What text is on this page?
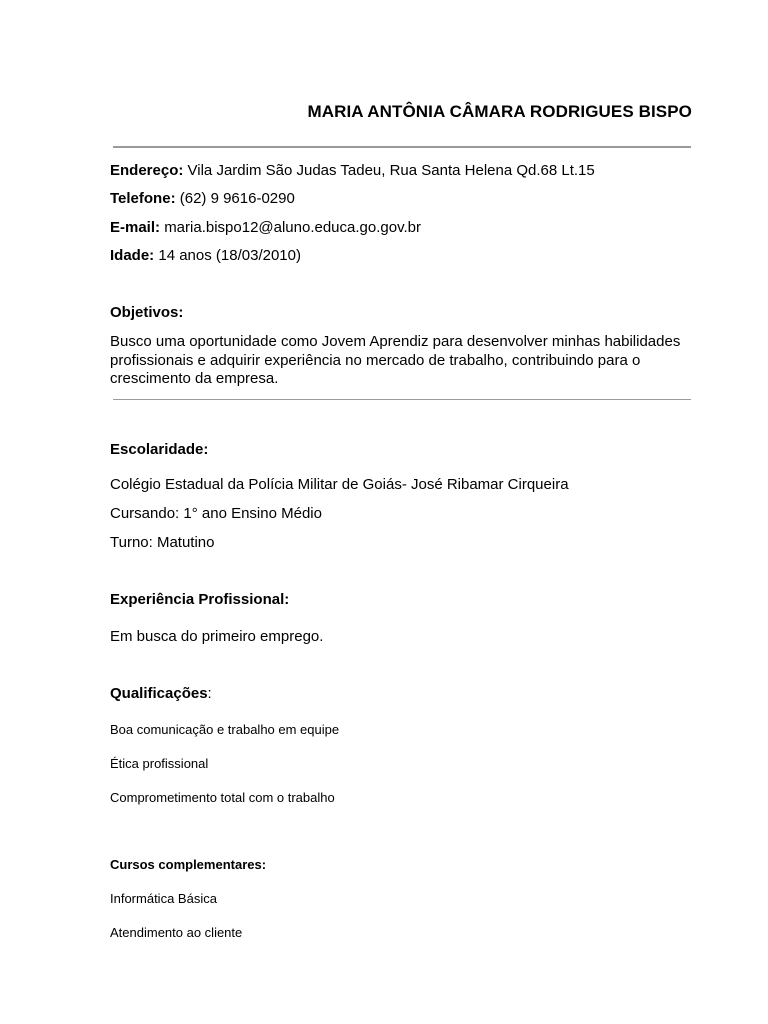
MARIA ANTÔNIA CÂMARA RODRIGUES BISPO

Endereço: Vila Jardim São Judas Tadeu, Rua Santa Helena Qd.68 Lt.15

Telefone: (62) 9 9616-0290

E-mail: maria.bispo12@aluno.educa.go.gov.br

Idade: 14 anos (18/03/2010)

Objetivos:

Busco uma oportunidade como Jovem Aprendiz para desenvolver minhas habilidades profissionais e adquirir experiência no mercado de trabalho, contribuindo para o crescimento da empresa.

Escolaridade:

Colégio Estadual da Polícia Militar de Goiás- José Ribamar Cirqueira

Cursando: 1° ano Ensino Médio

Turno: Matutino

Experiência Profissional:

Em busca do primeiro emprego.

Qualificações:

Boa comunicação e trabalho em equipe

Ética profissional

Comprometimento total com o trabalho

Cursos complementares:

Informática Básica

Atendimento ao cliente
